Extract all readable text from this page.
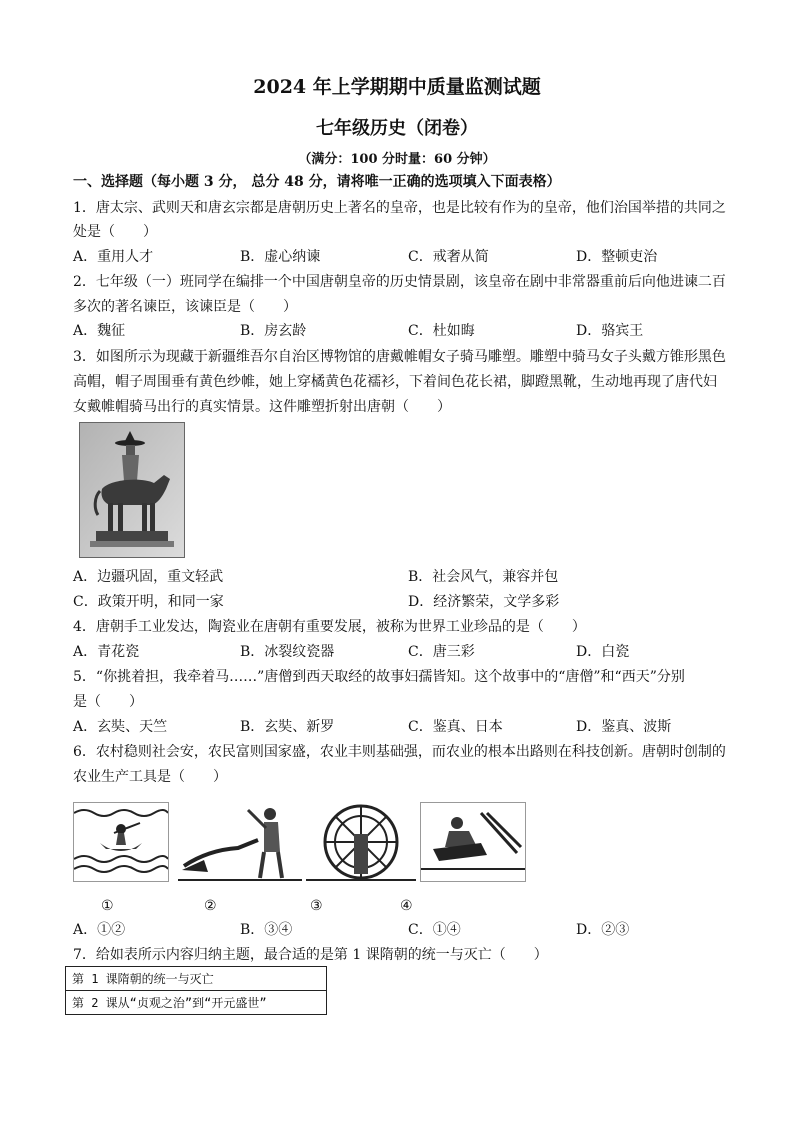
2024 年上学期期中质量监测试题
七年级历史（闭卷）
（满分：100 分时量：60 分钟）
一、选择题（每小题 3 分， 总分 48 分，请将唯一正确的选项填入下面表格）
1．唐太宗、武则天和唐玄宗都是唐朝历史上著名的皇帝，也是比较有作为的皇帝，他们治国举措的共同之
处是（　　）
A．重用人才	B．虚心纳谏	C．戒奢从简	D．整顿吏治
2．七年级（一）班同学在编排一个中国唐朝皇帝的历史情景剧，该皇帝在剧中非常器重前后向他进谏二百
多次的著名谏臣，该谏臣是（　　）
A．魏征	B．房玄龄	C．杜如晦	D．骆宾王
3．如图所示为现藏于新疆维吾尔自治区博物馆的唐戴帷帽女子骑马雕塑。雕塑中骑马女子头戴方锥形黑色
高帽，帽子周围垂有黄色纱帷，她上穿橘黄色花襦衫，下着间色花长裙，脚蹬黑靴，生动地再现了唐代妇
女戴帷帽骑马出行的真实情景。这件雕塑折射出唐朝（　　）
A．边疆巩固，重文轻武	B．社会风气，兼容并包
C．政策开明，和同一家	D．经济繁荣，文学多彩
4．唐朝手工业发达，陶瓷业在唐朝有重要发展，被称为世界工业珍品的是（　　）
A．青花瓷	B．冰裂纹瓷器	C．唐三彩	D．白瓷
5．“你挑着担，我牵着马……”唐僧到西天取经的故事妇孺皆知。这个故事中的“唐僧”和“西天”分别
是（　　）
A．玄奘、天竺	B．玄奘、新罗	C．鉴真、日本	D．鉴真、波斯
6．农村稳则社会安，农民富则国家盛，农业丰则基础强，而农业的根本出路则在科技创新。唐朝时创制的
农业生产工具是（　　）
①	②	③	④
A．①②	B．③④	C．①④	D．②③
7．给如表所示内容归纳主题，最合适的是第 1 课隋朝的统一与灭亡（　　）
第 1 课隋朝的统一与灭亡
第 2 课从“贞观之治”到“开元盛世”
